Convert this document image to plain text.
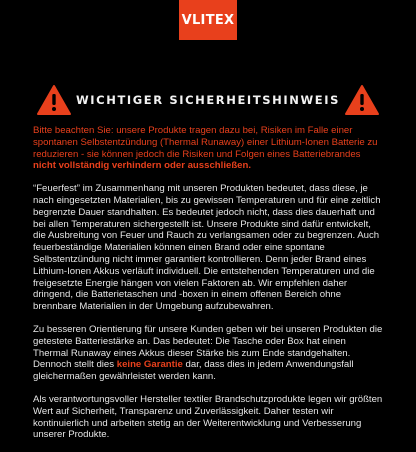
VLITEX
WICHTIGER SICHERHEITSHINWEIS

Bitte beachten Sie: unsere Produkte tragen dazu bei, Risiken im Falle einer spontanen Selbstentzündung (Thermal Runaway) einer Lithium-Ionen Batterie zu reduzieren - sie können jedoch die Risiken und Folgen eines Batteriebrandes nicht vollständig verhindern oder ausschließen.

“Feuerfest” im Zusammenhang mit unseren Produkten bedeutet, dass diese, je nach eingesetzten Materialien, bis zu gewissen Temperaturen und für eine zeitlich begrenzte Dauer standhalten. Es bedeutet jedoch nicht, dass dies dauerhaft und bei allen Temperaturen sichergestellt ist. Unsere Produkte sind dafür entwickelt, die Ausbreitung von Feuer und Rauch zu verlangsamen oder zu begrenzen. Auch feuerbeständige Materialien können einen Brand oder eine spontane Selbstentzündung nicht immer garantiert kontrollieren. Denn jeder Brand eines Lithium-Ionen Akkus verläuft individuell. Die entstehenden Temperaturen und die freigesetzte Energie hängen von vielen Faktoren ab. Wir empfehlen daher dringend, die Batterietaschen und -boxen in einem offenen Bereich ohne brennbare Materialien in der Umgebung aufzubewahren.

Zu besseren Orientierung für unsere Kunden geben wir bei unseren Produkten die getestete Batteriestärke an. Das bedeutet: Die Tasche oder Box hat einen Thermal Runaway eines Akkus dieser Stärke bis zum Ende standgehalten. Dennoch stellt dies keine Garantie dar, dass dies in jedem Anwendungsfall gleichermaßen gewährleistet werden kann.

Als verantwortungsvoller Hersteller textiler Brandschutzprodukte legen wir größten Wert auf Sicherheit, Transparenz und Zuverlässigkeit. Daher testen wir kontinuierlich und arbeiten stetig an der Weiterentwicklung und Verbesserung unserer Produkte.
